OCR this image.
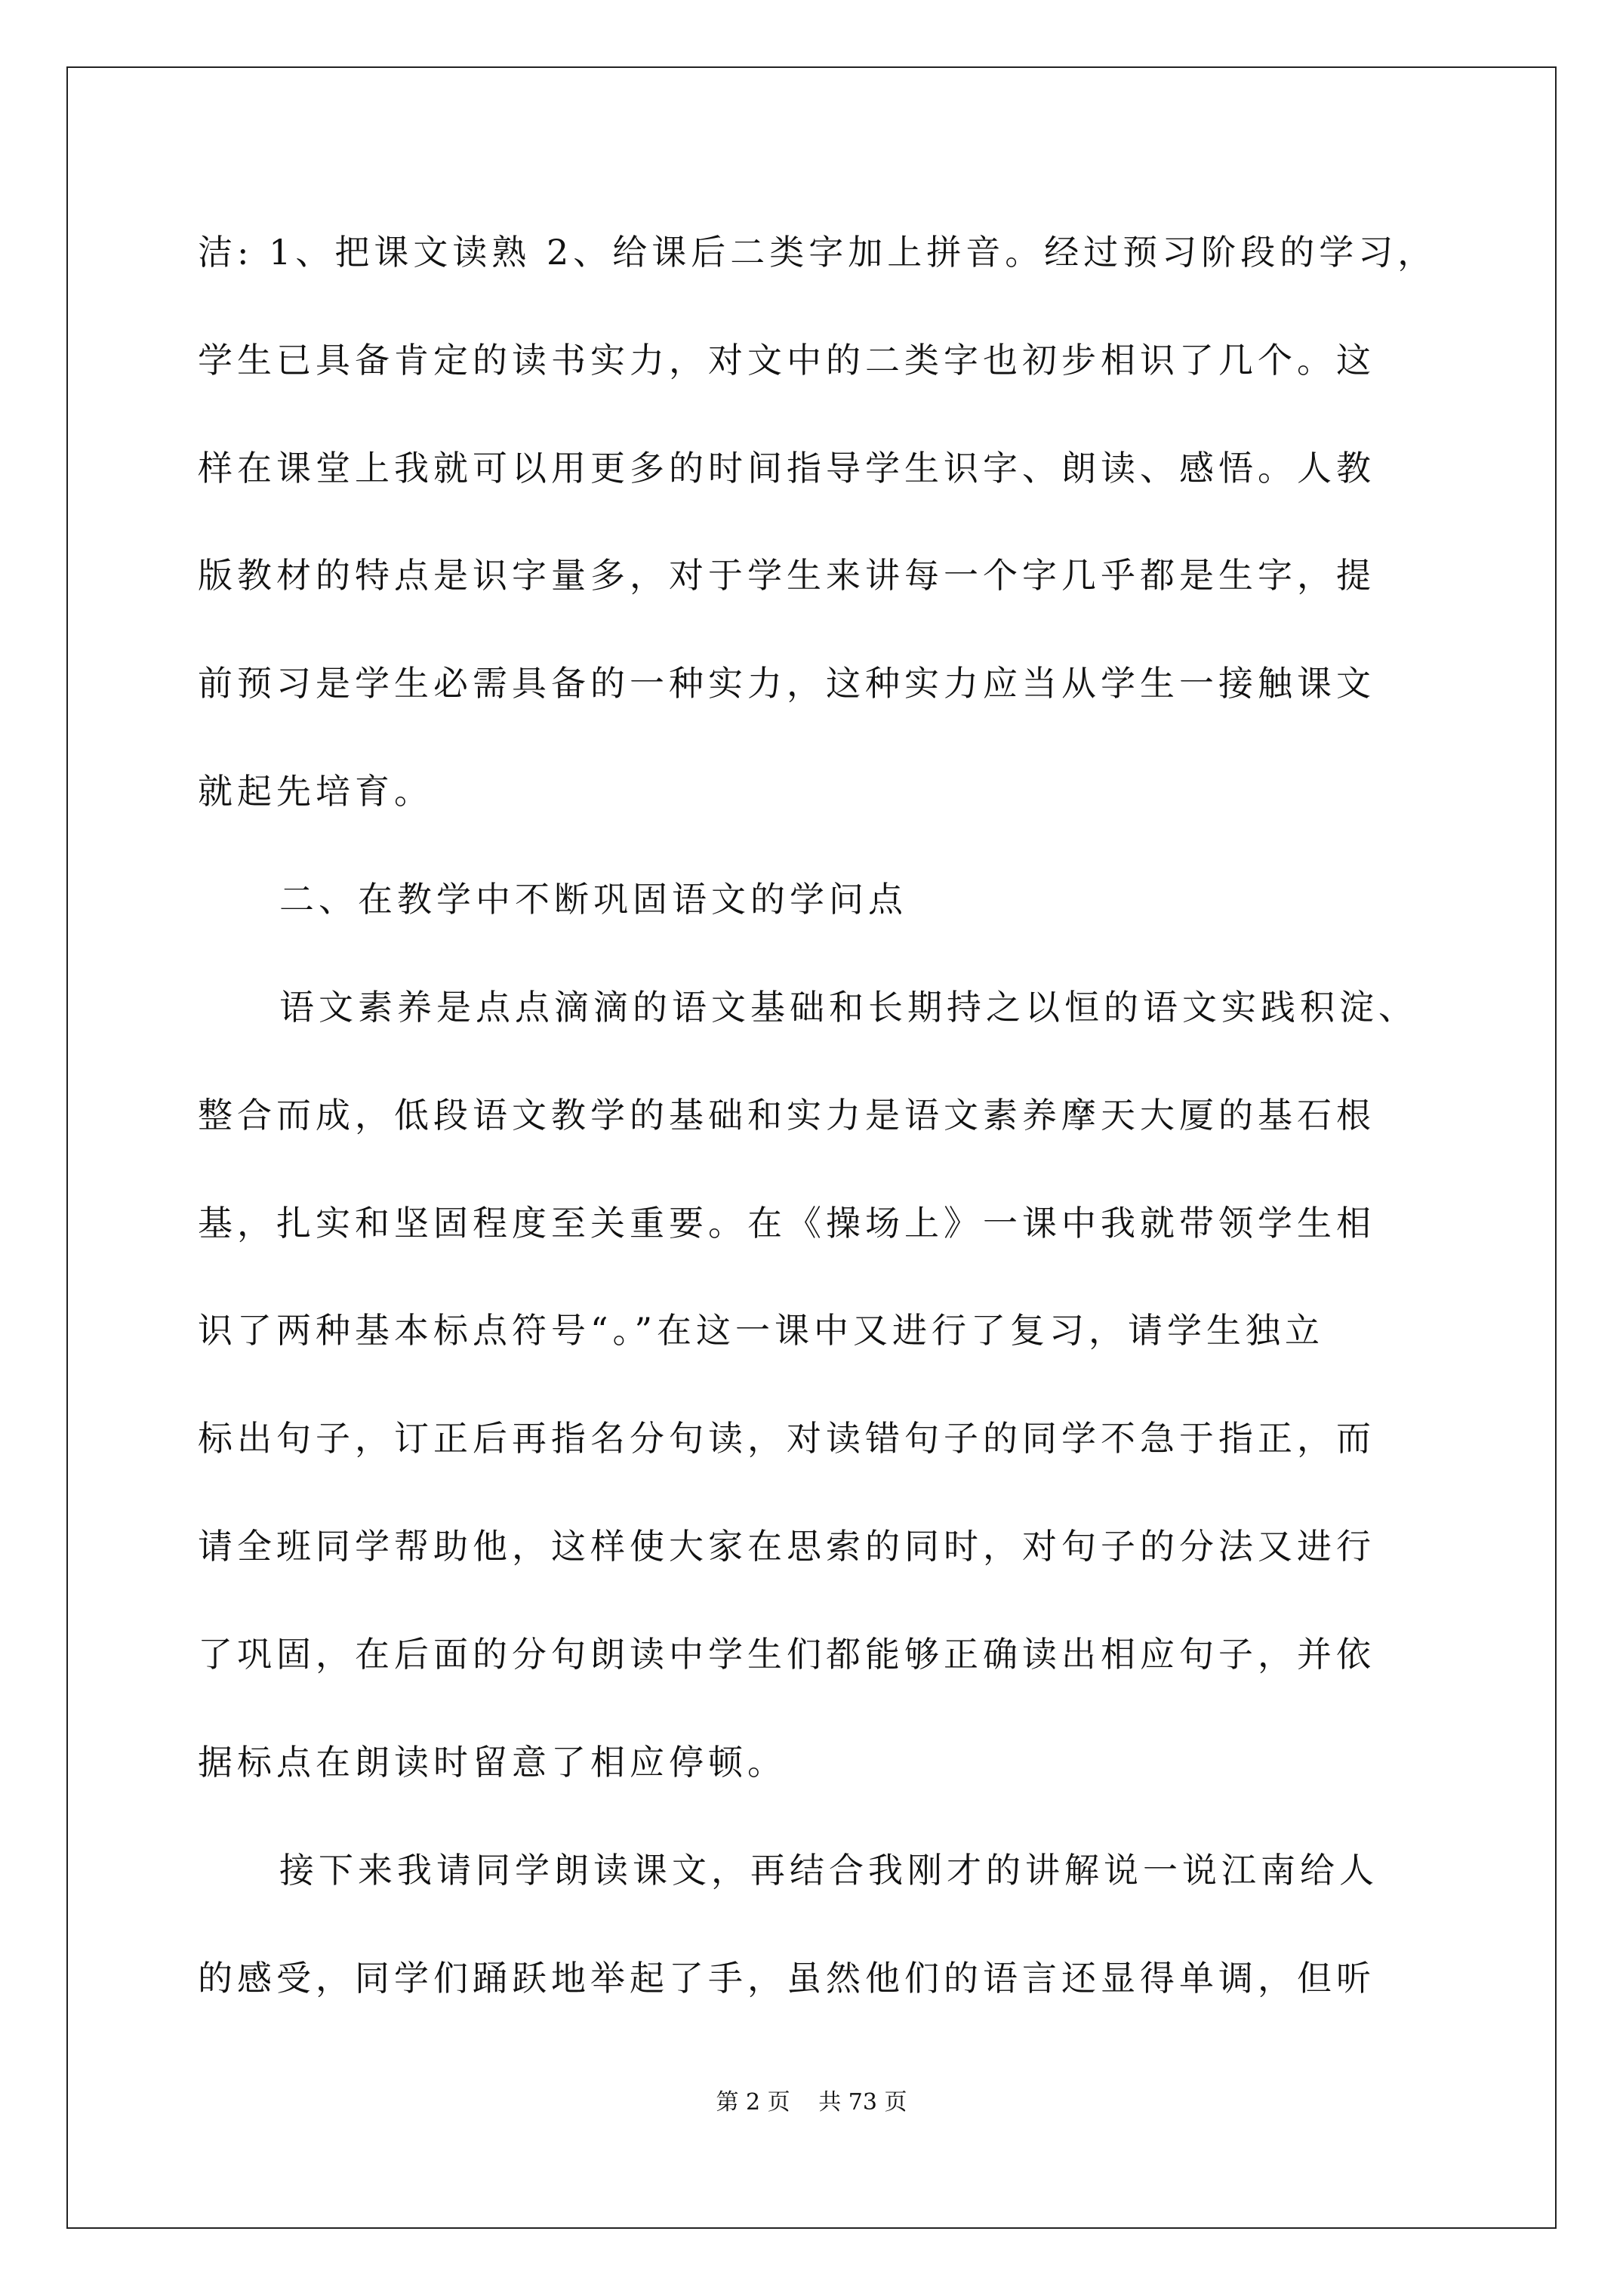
洁: 1、把课文读熟 2、给课后二类字加上拼音。经过预习阶段的学习，

学生已具备肯定的读书实力，对文中的二类字也初步相识了几个。这

样在课堂上我就可以用更多的时间指导学生识字、朗读、感悟。人教

版教材的特点是识字量多，对于学生来讲每一个字几乎都是生字，提

前预习是学生必需具备的一种实力，这种实力应当从学生一接触课文

就起先培育。

二、在教学中不断巩固语文的学问点

语文素养是点点滴滴的语文基础和长期持之以恒的语文实践积淀、

整合而成，低段语文教学的基础和实力是语文素养摩天大厦的基石根

基，扎实和坚固程度至关重要。在《操场上》一课中我就带领学生相

识了两种基本标点符号“。”在这一课中又进行了复习，请学生独立

标出句子，订正后再指名分句读，对读错句子的同学不急于指正，而

请全班同学帮助他，这样使大家在思索的同时，对句子的分法又进行

了巩固，在后面的分句朗读中学生们都能够正确读出相应句子，并依

据标点在朗读时留意了相应停顿。

接下来我请同学朗读课文，再结合我刚才的讲解说一说江南给人

的感受，同学们踊跃地举起了手，虽然他们的语言还显得单调，但听

第 2 页 共 73 页
